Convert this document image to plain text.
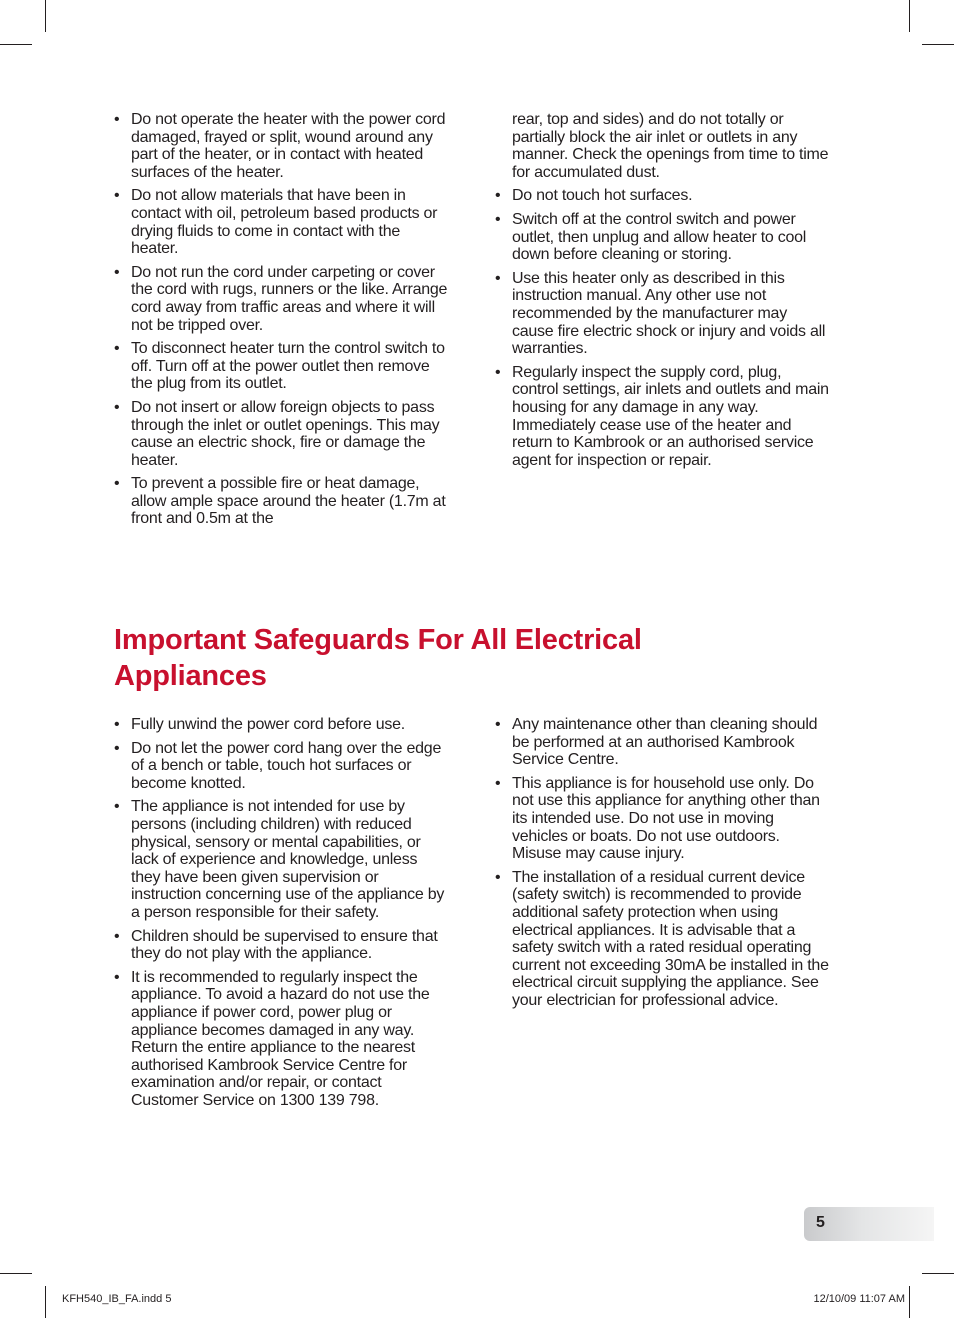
• Do not operate the heater with the power cord damaged, frayed or split, wound around any part of the heater, or in contact with heated surfaces of the heater.
• Do not allow materials that have been in contact with oil, petroleum based products or drying fluids to come in contact with the heater.
• Do not run the cord under carpeting or cover the cord with rugs, runners or the like. Arrange cord away from traffic areas and where it will not be tripped over.
• To disconnect heater turn the control switch to off. Turn off at the power outlet then remove the plug from its outlet.
• Do not insert or allow foreign objects to pass through the inlet or outlet openings. This may cause an electric shock, fire or damage the heater.
• To prevent a possible fire or heat damage, allow ample space around the heater (1.7m at front and 0.5m at the
rear, top and sides) and do not totally or partially block the air inlet or outlets in any manner. Check the openings from time to time for accumulated dust.
• Do not touch hot surfaces.
• Switch off at the control switch and power outlet, then unplug and allow heater to cool down before cleaning or storing.
• Use this heater only as described in this instruction manual. Any other use not recommended by the manufacturer may cause fire electric shock or injury and voids all warranties.
• Regularly inspect the supply cord, plug, control settings, air inlets and outlets and main housing for any damage in any way. Immediately cease use of the heater and return to Kambrook or an authorised service agent for inspection or repair.
Important Safeguards For All Electrical Appliances
• Fully unwind the power cord before use.
• Do not let the power cord hang over the edge of a bench or table, touch hot surfaces or become knotted.
• The appliance is not intended for use by persons (including children) with reduced physical, sensory or mental capabilities, or lack of experience and knowledge, unless they have been given supervision or instruction concerning use of the appliance by a person responsible for their safety.
• Children should be supervised to ensure that they do not play with the appliance.
• It is recommended to regularly inspect the appliance. To avoid a hazard do not use the appliance if power cord, power plug or appliance becomes damaged in any way. Return the entire appliance to the nearest authorised Kambrook Service Centre for examination and/or repair, or contact Customer Service on 1300 139 798.
• Any maintenance other than cleaning should be performed at an authorised Kambrook Service Centre.
• This appliance is for household use only. Do not use this appliance for anything other than its intended use. Do not use in moving vehicles or boats. Do not use outdoors. Misuse may cause injury.
• The installation of a residual current device (safety switch) is recommended to provide additional safety protection when using electrical appliances. It is advisable that a safety switch with a rated residual operating current not exceeding 30mA be installed in the electrical circuit supplying the appliance. See your electrician for professional advice.
5
KFH540_IB_FA.indd 5	12/10/09 11:07 AM
